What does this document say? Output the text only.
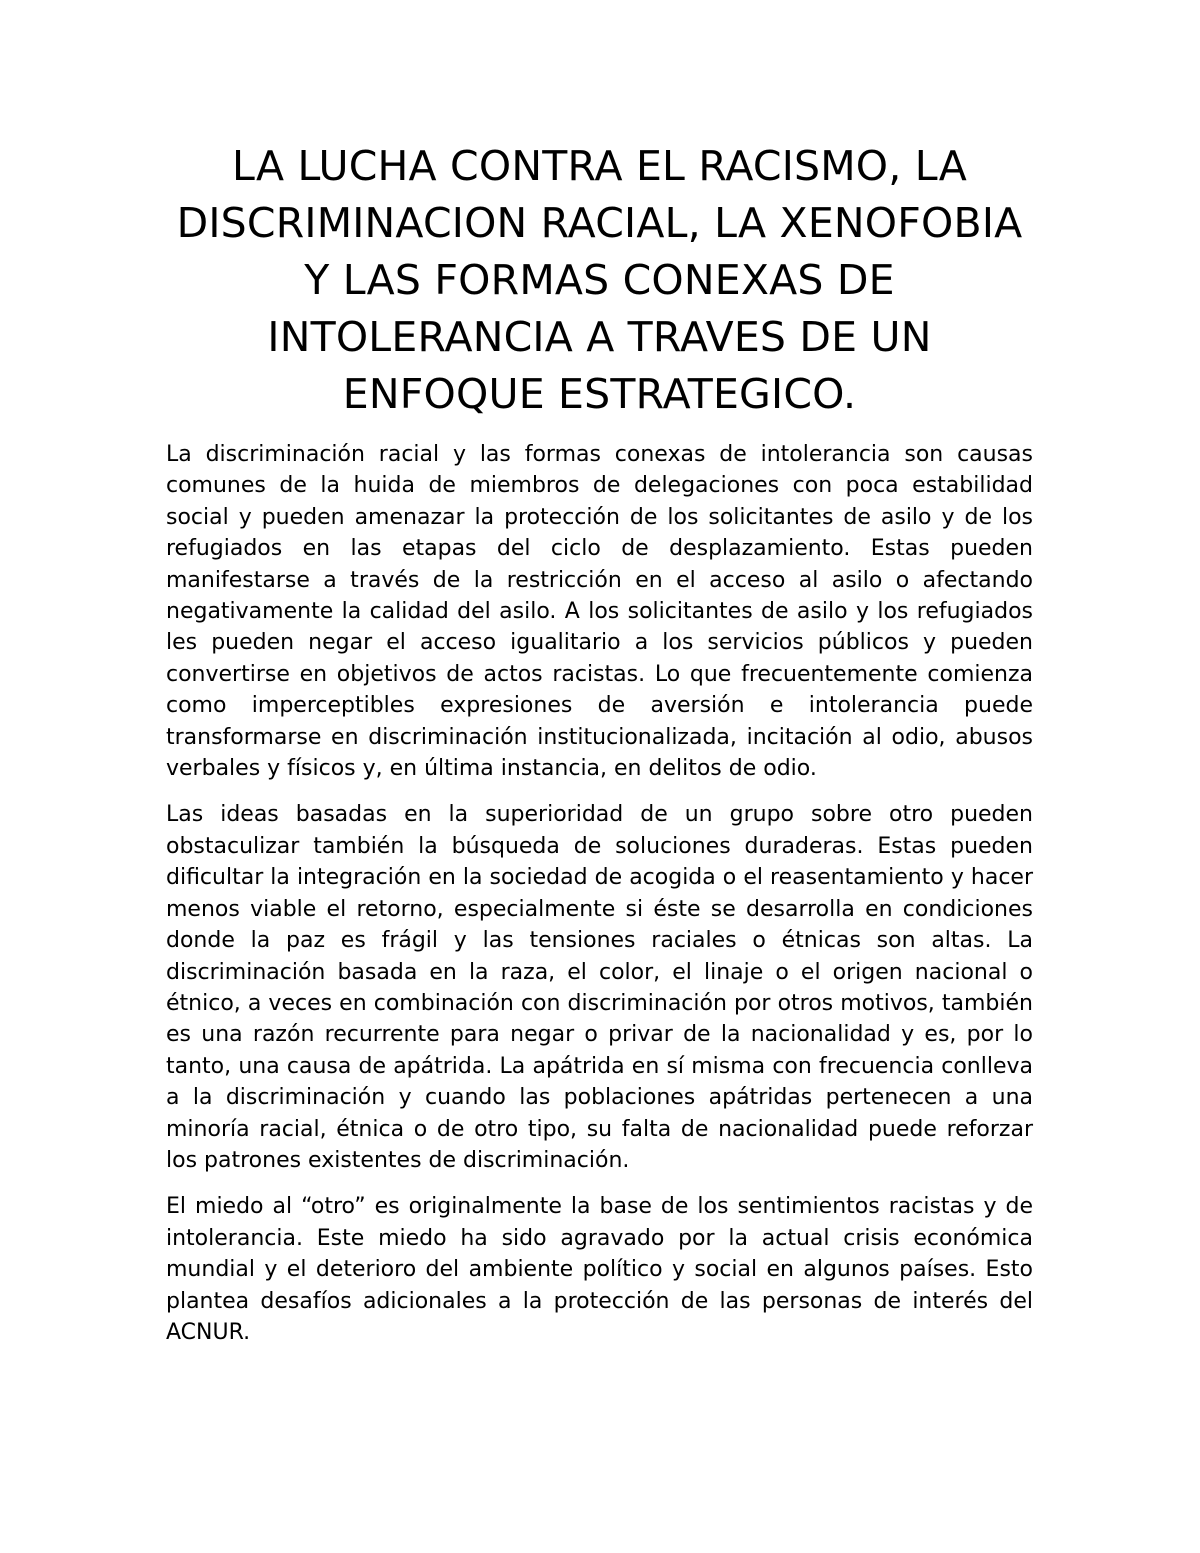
LA LUCHA CONTRA EL RACISMO, LA DISCRIMINACION RACIAL, LA XENOFOBIA Y LAS FORMAS CONEXAS DE INTOLERANCIA A TRAVES DE UN ENFOQUE ESTRATEGICO.

La discriminación racial y las formas conexas de intolerancia son causas comunes de la huida de miembros de delegaciones con poca estabilidad social y pueden amenazar la protección de los solicitantes de asilo y de los refugiados en las etapas del ciclo de desplazamiento. Estas pueden manifestarse a través de la restricción en el acceso al asilo o afectando negativamente la calidad del asilo. A los solicitantes de asilo y los refugiados les pueden negar el acceso igualitario a los servicios públicos y pueden convertirse en objetivos de actos racistas. Lo que frecuentemente comienza como imperceptibles expresiones de aversión e intolerancia puede transformarse en discriminación institucionalizada, incitación al odio, abusos verbales y físicos y, en última instancia, en delitos de odio.

Las ideas basadas en la superioridad de un grupo sobre otro pueden obstaculizar también la búsqueda de soluciones duraderas. Estas pueden dificultar la integración en la sociedad de acogida o el reasentamiento y hacer menos viable el retorno, especialmente si éste se desarrolla en condiciones donde la paz es frágil y las tensiones raciales o étnicas son altas. La discriminación basada en la raza, el color, el linaje o el origen nacional o étnico, a veces en combinación con discriminación por otros motivos, también es una razón recurrente para negar o privar de la nacionalidad y es, por lo tanto, una causa de apátrida. La apátrida en sí misma con frecuencia conlleva a la discriminación y cuando las poblaciones apátridas pertenecen a una minoría racial, étnica o de otro tipo, su falta de nacionalidad puede reforzar los patrones existentes de discriminación.

El miedo al “otro” es originalmente la base de los sentimientos racistas y de intolerancia. Este miedo ha sido agravado por la actual crisis económica mundial y el deterioro del ambiente político y social en algunos países. Esto plantea desafíos adicionales a la protección de las personas de interés del ACNUR.
